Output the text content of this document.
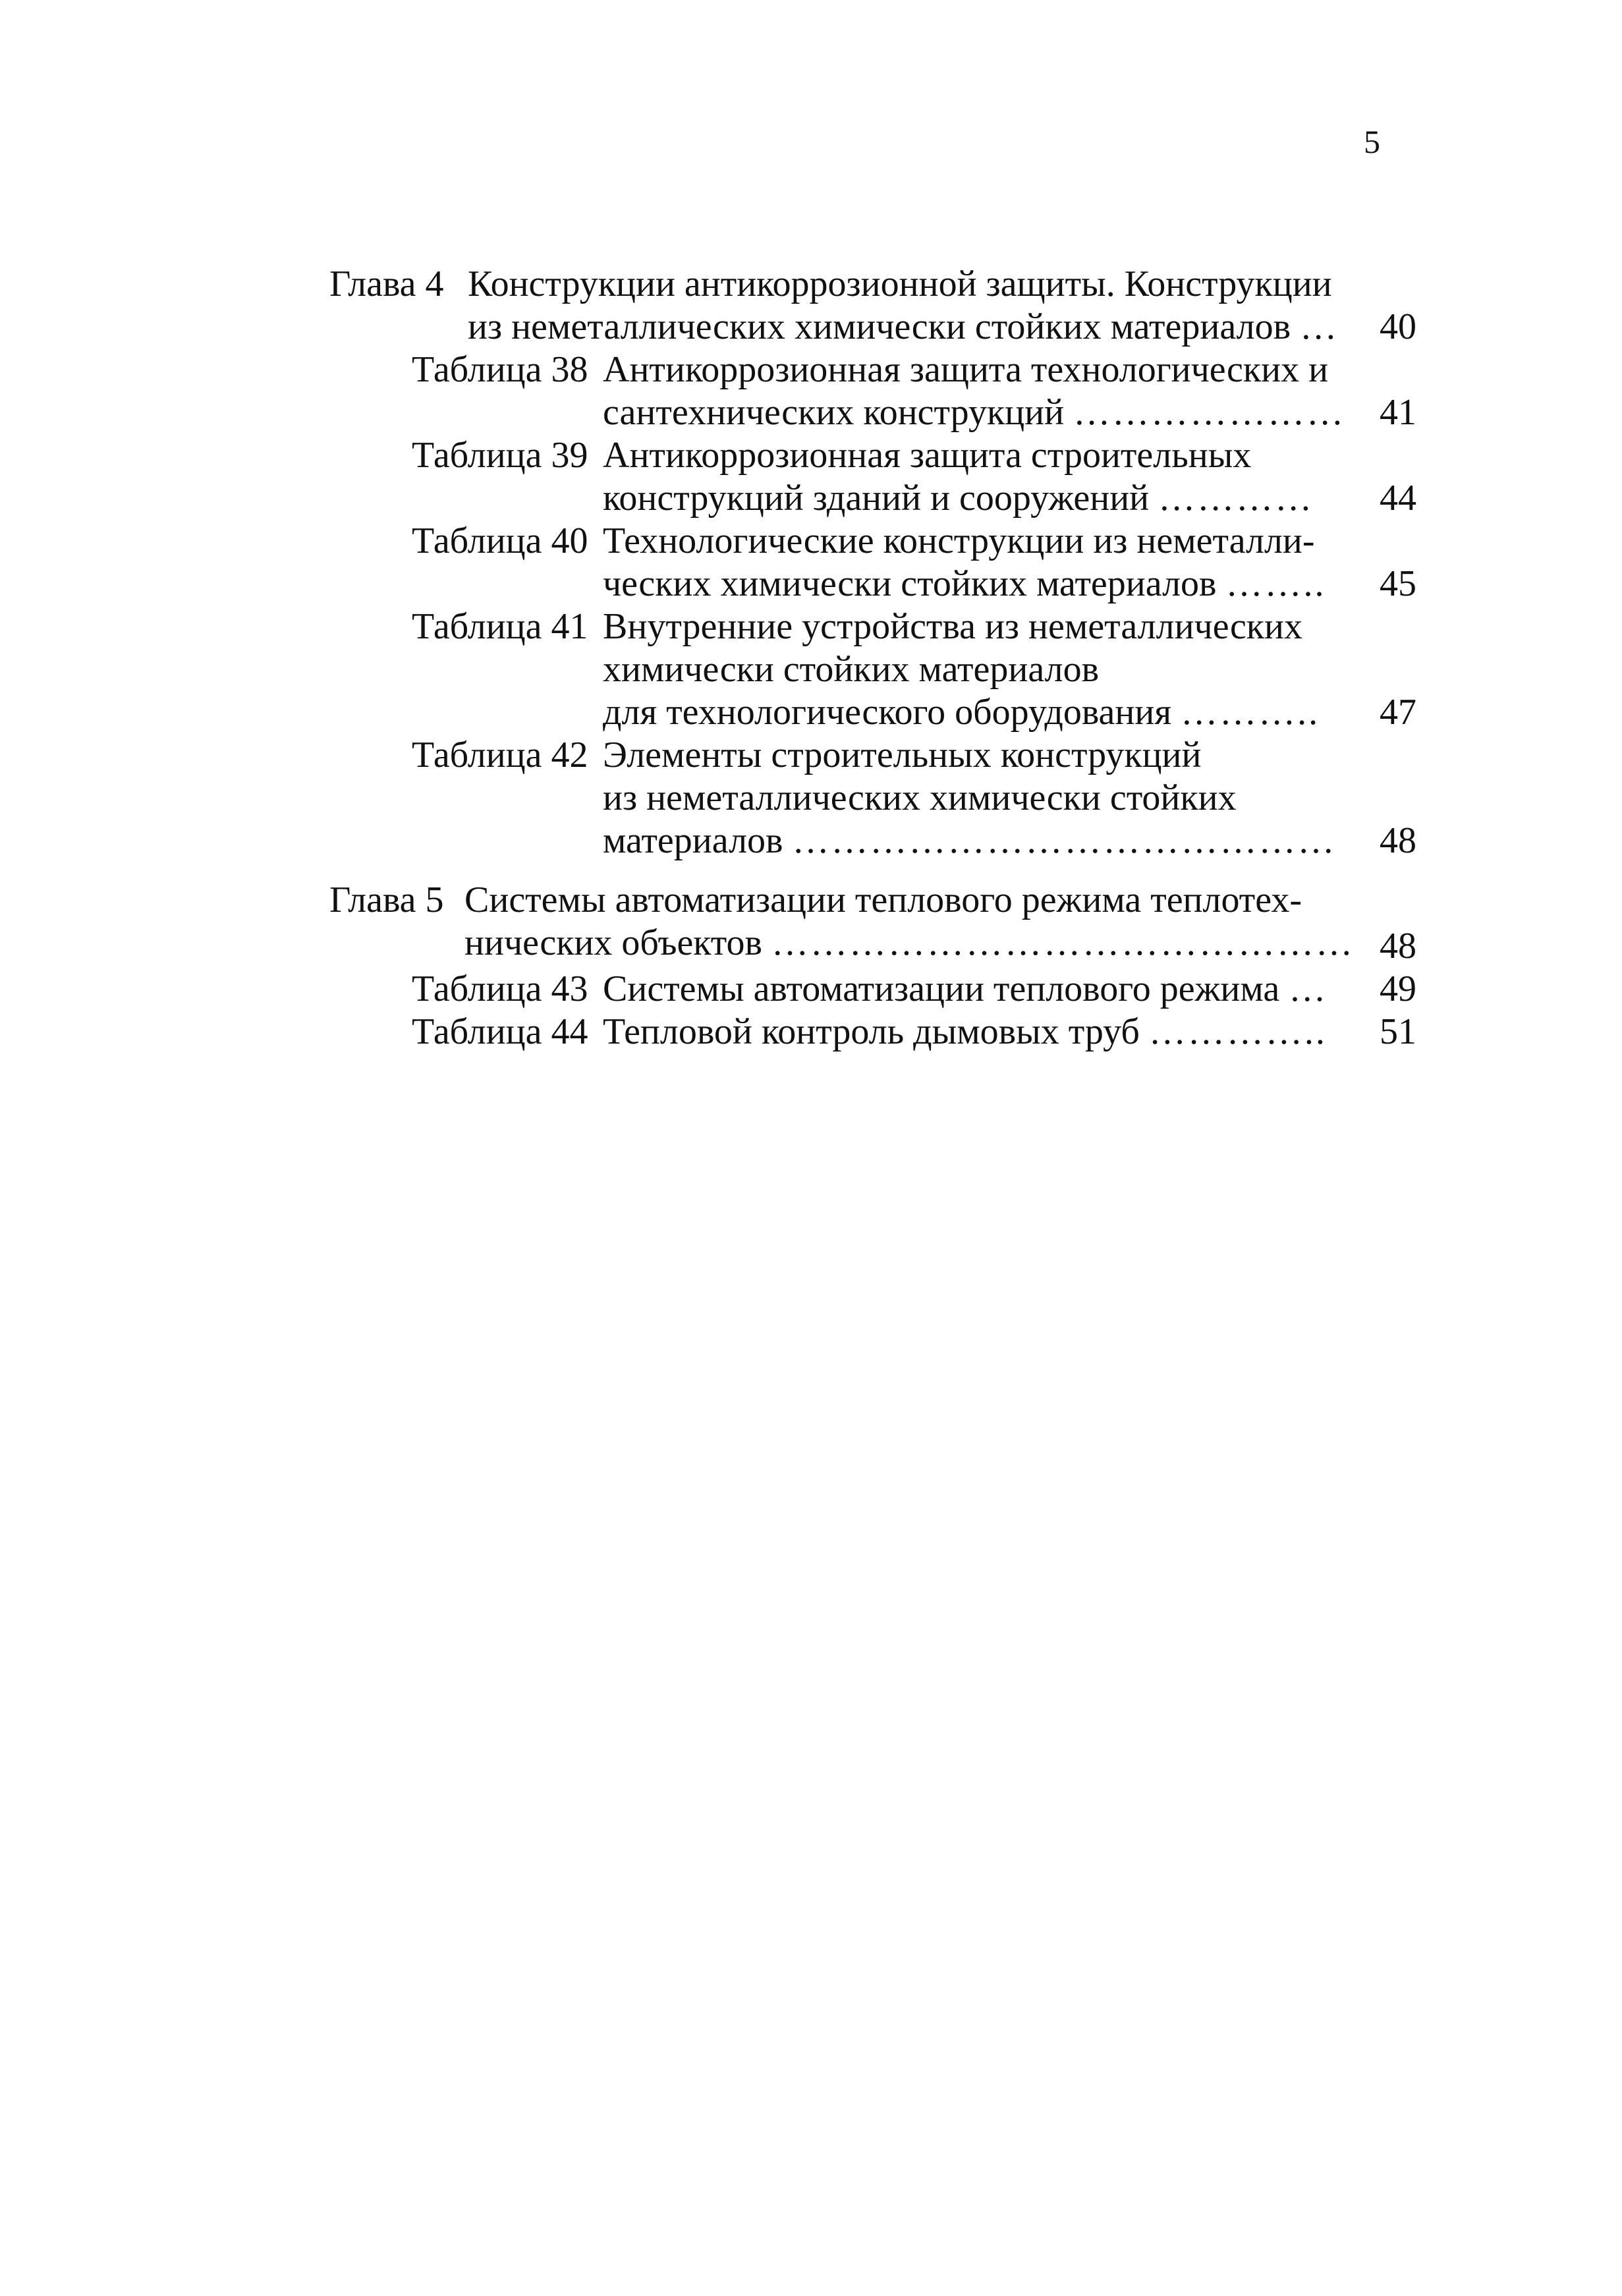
5
Глава 4 Конструкции антикоррозионной защиты. Конструкции
из неметаллических химически стойких материалов …	40
Таблица 38 Антикоррозионная защита технологических и
сантехнических конструкций ………………… 41
Таблица 39 Антикоррозионная защита строительных
конструкций зданий и сооружений …………	44
Таблица 40 Технологические конструкции из неметалли-
ческих химически стойких материалов ……..	45
Таблица 41 Внутренние устройства из неметаллических
химически стойких материалов
для технологического оборудования ………..	47
Таблица 42 Элементы строительных конструкций
из неметаллических химически стойких
материалов ……………………………………	48
Глава 5 Системы автоматизации теплового режима теплотех-
нических объектов ……………………………………… 48
Таблица 43 Системы автоматизации теплового режима …	49
Таблица 44 Тепловой контроль дымовых труб …………..	51
